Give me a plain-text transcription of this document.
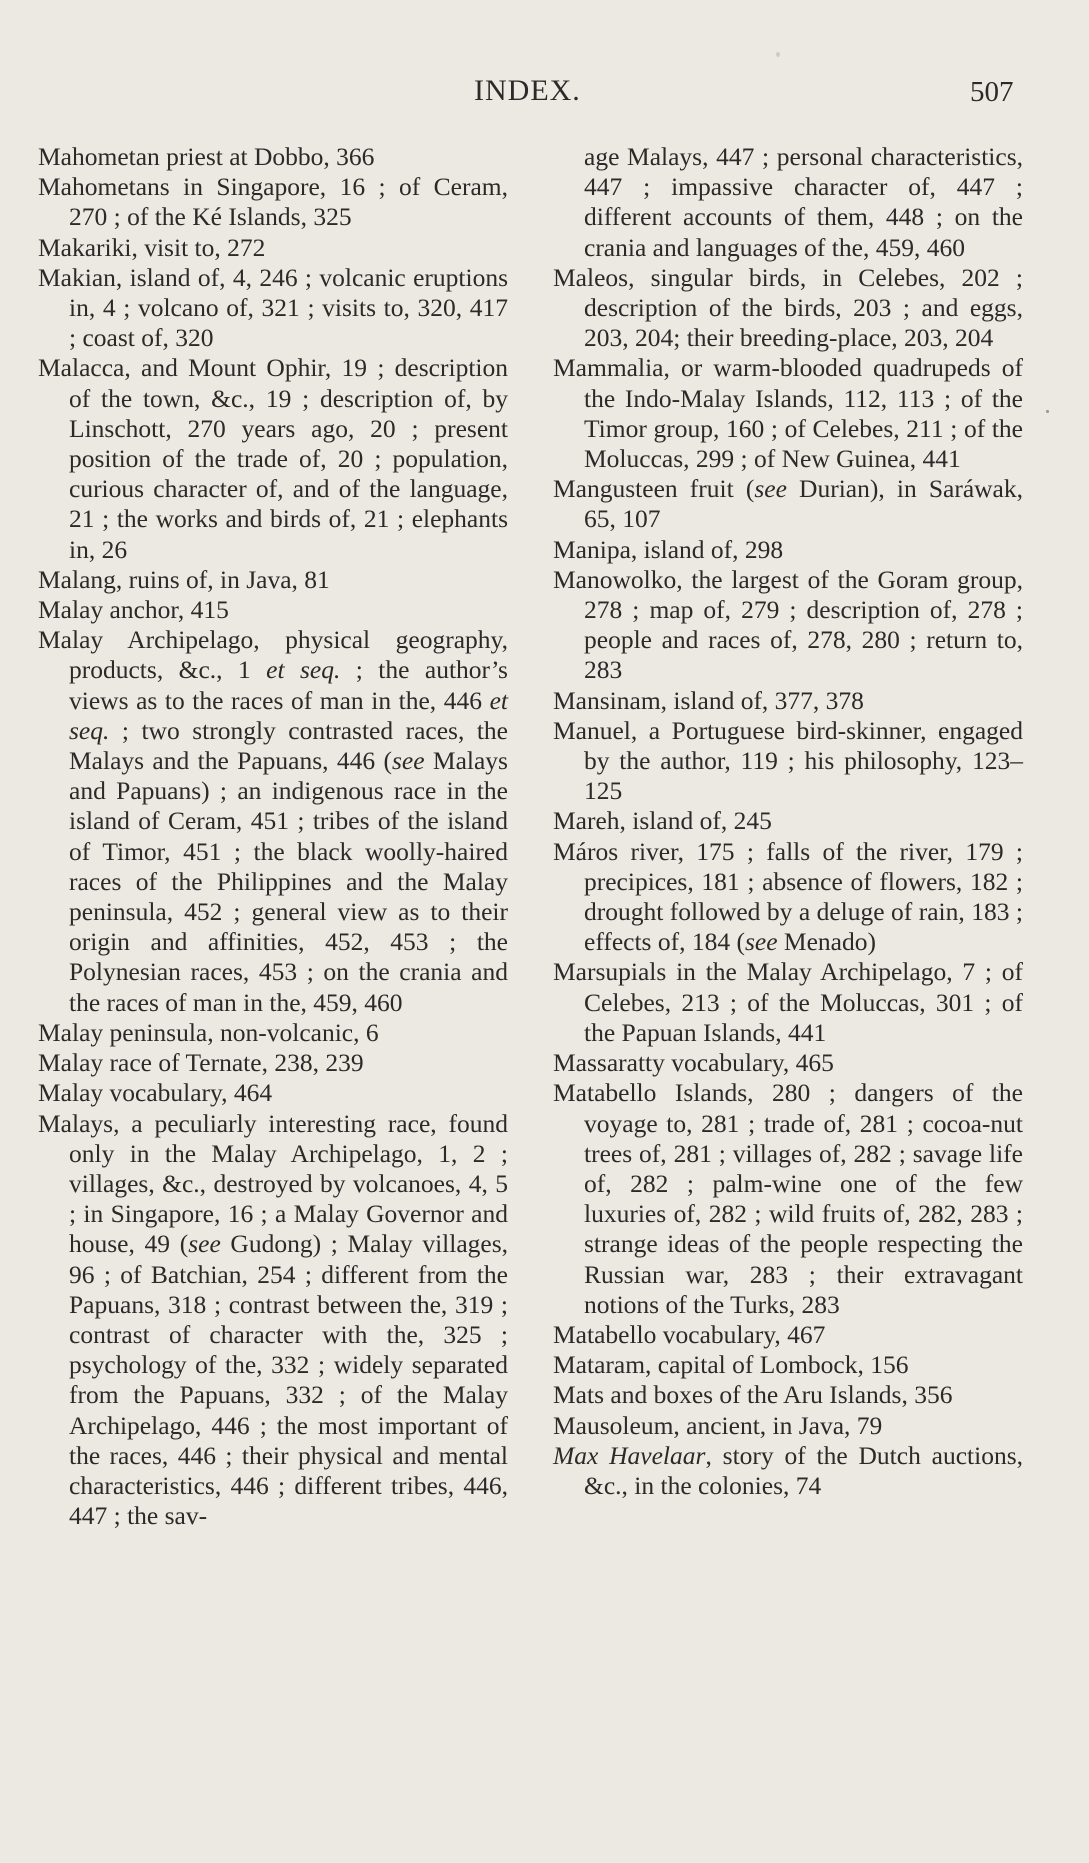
INDEX.	507

Mahometan priest at Dobbo, 366

Mahometans in Singapore, 16 ; of Ceram, 270 ; of the Ké Islands, 325

Makariki, visit to, 272

Makian, island of, 4, 246 ; volcanic eruptions in, 4 ; volcano of, 321 ; visits to, 320, 417 ; coast of, 320

Malacca, and Mount Ophir, 19 ; description of the town, &c., 19 ; description of, by Linschott, 270 years ago, 20 ; present position of the trade of, 20 ; population, curious character of, and of the language, 21 ; the works and birds of, 21 ; elephants in, 26

Malang, ruins of, in Java, 81

Malay anchor, 415

Malay Archipelago, physical geography, products, &c., 1 et seq. ; the author’s views as to the races of man in the, 446 et seq. ; two strongly contrasted races, the Malays and the Papuans, 446 (see Malays and Papuans) ; an indigenous race in the island of Ceram, 451 ; tribes of the island of Timor, 451 ; the black woolly-haired races of the Philippines and the Malay peninsula, 452 ; general view as to their origin and affinities, 452, 453 ; the Polynesian races, 453 ; on the crania and the races of man in the, 459, 460

Malay peninsula, non-volcanic, 6

Malay race of Ternate, 238, 239

Malay vocabulary, 464

Malays, a peculiarly interesting race, found only in the Malay Archipelago, 1, 2 ; villages, &c., destroyed by volcanoes, 4, 5 ; in Singapore, 16 ; a Malay Governor and house, 49 (see Gudong) ; Malay villages, 96 ; of Batchian, 254 ; different from the Papuans, 318 ; contrast between the, 319 ; contrast of character with the, 325 ; psychology of the, 332 ; widely separated from the Papuans, 332 ; of the Malay Archipelago, 446 ; the most important of the races, 446 ; their physical and mental characteristics, 446 ; different tribes, 446, 447 ; the sav-

age Malays, 447 ; personal characteristics, 447 ; impassive character of, 447 ; different accounts of them, 448 ; on the crania and languages of the, 459, 460

Maleos, singular birds, in Celebes, 202 ; description of the birds, 203 ; and eggs, 203, 204; their breeding-place, 203, 204

Mammalia, or warm-blooded quadrupeds of the Indo-Malay Islands, 112, 113 ; of the Timor group, 160 ; of Celebes, 211 ; of the Moluccas, 299 ; of New Guinea, 441

Mangusteen fruit (see Durian), in Saráwak, 65, 107

Manipa, island of, 298

Manowolko, the largest of the Goram group, 278 ; map of, 279 ; description of, 278 ; people and races of, 278, 280 ; return to, 283

Mansinam, island of, 377, 378

Manuel, a Portuguese bird-skinner, engaged by the author, 119 ; his philosophy, 123–125

Mareh, island of, 245

Máros river, 175 ; falls of the river, 179 ; precipices, 181 ; absence of flowers, 182 ; drought followed by a deluge of rain, 183 ; effects of, 184 (see Menado)

Marsupials in the Malay Archipelago, 7 ; of Celebes, 213 ; of the Moluccas, 301 ; of the Papuan Islands, 441

Massaratty vocabulary, 465

Matabello Islands, 280 ; dangers of the voyage to, 281 ; trade of, 281 ; cocoa-nut trees of, 281 ; villages of, 282 ; savage life of, 282 ; palm-wine one of the few luxuries of, 282 ; wild fruits of, 282, 283 ; strange ideas of the people respecting the Russian war, 283 ; their extravagant notions of the Turks, 283

Matabello vocabulary, 467

Mataram, capital of Lombock, 156

Mats and boxes of the Aru Islands, 356

Mausoleum, ancient, in Java, 79

Max Havelaar, story of the Dutch auctions, &c., in the colonies, 74
